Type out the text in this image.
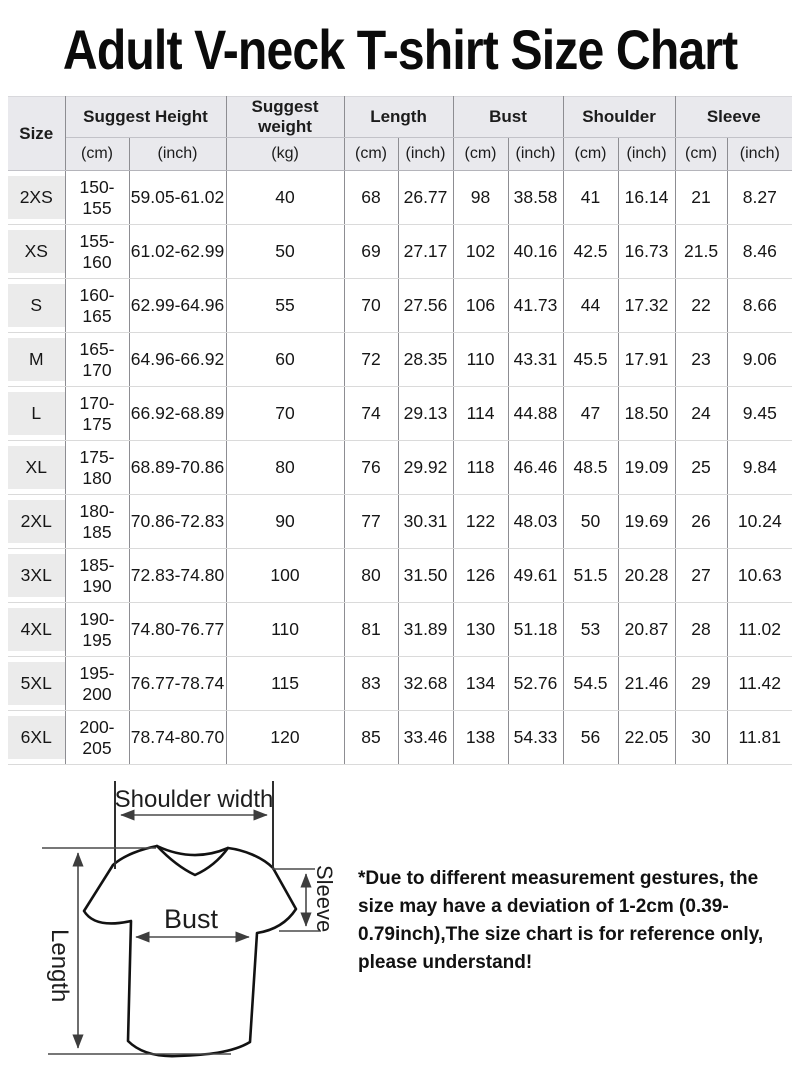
Adult V-neck T-shirt Size Chart
Size	Suggest Height		Suggest weight	Length		Bust		Shoulder		Sleeve	
	(cm)	(inch)	(kg)	(cm)	(inch)	(cm)	(inch)	(cm)	(inch)	(cm)	(inch)

2XS	150-155	59.05-61.02	40	68	26.77	98	38.58	41	16.14	21	8.27

XS	155-160	61.02-62.99	50	69	27.17	102	40.16	42.5	16.73	21.5	8.46

S	160-165	62.99-64.96	55	70	27.56	106	41.73	44	17.32	22	8.66

M	165-170	64.96-66.92	60	72	28.35	110	43.31	45.5	17.91	23	9.06

L	170-175	66.92-68.89	70	74	29.13	114	44.88	47	18.50	24	9.45

XL	175-180	68.89-70.86	80	76	29.92	118	46.46	48.5	19.09	25	9.84

2XL	180-185	70.86-72.83	90	77	30.31	122	48.03	50	19.69	26	10.24

3XL	185-190	72.83-74.80	100	80	31.50	126	49.61	51.5	20.28	27	10.63

4XL	190-195	74.80-76.77	110	81	31.89	130	51.18	53	20.87	28	11.02

5XL	195-200	76.77-78.74	115	83	32.68	134	52.76	54.5	21.46	29	11.42

6XL	200-205	78.74-80.70	120	85	33.46	138	54.33	56	22.05	30	11.81
Shoulder width
Bust
Length
Sleeve *Due to different measurement gestures, the size may have a deviation of 1-2cm (0.39-0.79inch),The size chart is for reference only, please understand!
